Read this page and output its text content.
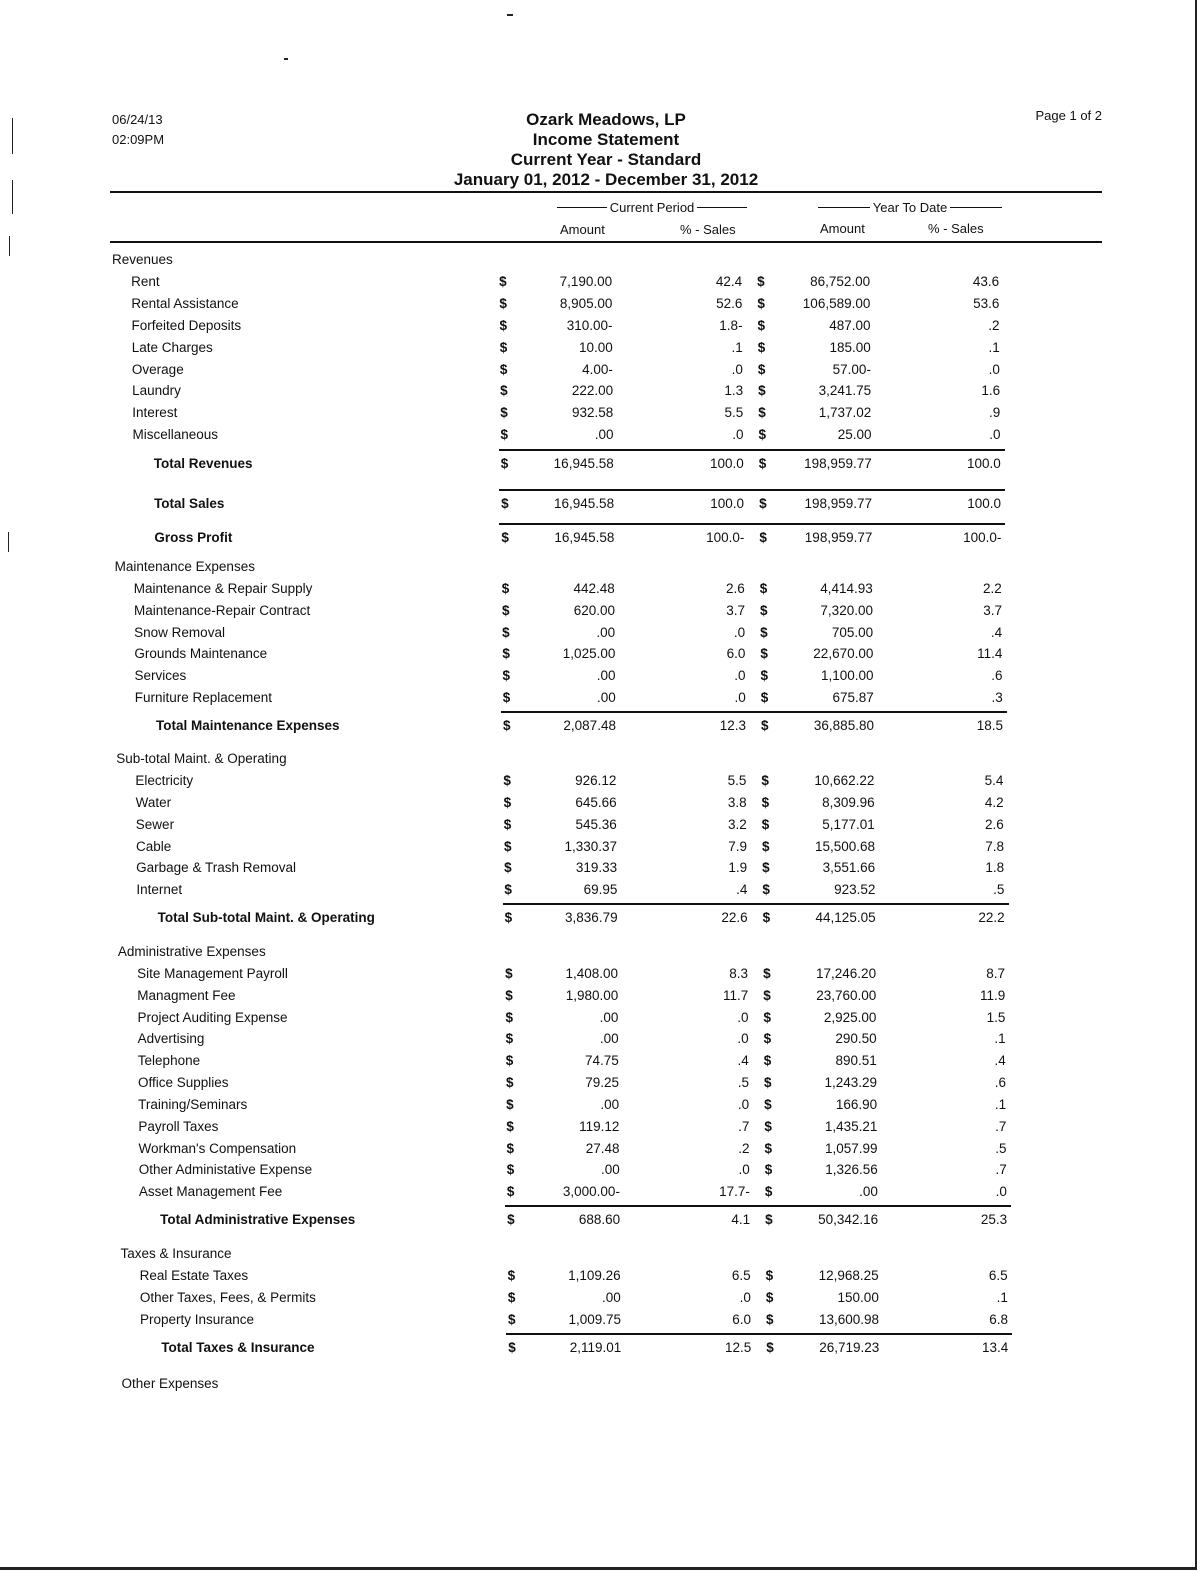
06/24/13
02:09PM
Page 1 of 2
Ozark Meadows, LP
Income Statement
Current Year - Standard
January 01, 2012 - December 31, 2012
Current Period	Year To Date
Amount	% - Sales	Amount	% - Sales
Revenues
Rent	$	7,190.00	42.4 $	86,752.00	43.6
Rental Assistance	$	8,905.00	52.6 $	106,589.00	53.6
Forfeited Deposits	$	310.00-	1.8- $	487.00	.2
Late Charges	$	10.00	.1 $	185.00	.1
Overage	$	4.00-	.0 $	57.00-	.0
Laundry	$	222.00	1.3 $	3,241.75	1.6
Interest	$	932.58	5.5 $	1,737.02	.9
Miscellaneous	$	.00	.0 $	25.00	.0
Total Revenues	$	16,945.58	100.0 $	198,959.77	100.0
Total Sales	$	16,945.58	100.0 $	198,959.77	100.0
Gross Profit	$	16,945.58	100.0- $	198,959.77	100.0-
Maintenance Expenses
Maintenance & Repair Supply	$	442.48	2.6 $	4,414.93	2.2
Maintenance-Repair Contract	$	620.00	3.7 $	7,320.00	3.7
Snow Removal	$	.00	.0 $	705.00	.4
Grounds Maintenance	$	1,025.00	6.0 $	22,670.00	11.4
Services	$	.00	.0 $	1,100.00	.6
Furniture Replacement	$	.00	.0 $	675.87	.3
Total Maintenance Expenses	$	2,087.48	12.3 $	36,885.80	18.5
Sub-total Maint. & Operating
Electricity	$	926.12	5.5 $	10,662.22	5.4
Water	$	645.66	3.8 $	8,309.96	4.2
Sewer	$	545.36	3.2 $	5,177.01	2.6
Cable	$	1,330.37	7.9 $	15,500.68	7.8
Garbage & Trash Removal	$	319.33	1.9 $	3,551.66	1.8
Internet	$	69.95	.4 $	923.52	.5
Total Sub-total Maint. & Operating	$	3,836.79	22.6 $	44,125.05	22.2
Administrative Expenses
Site Management Payroll	$	1,408.00	8.3 $	17,246.20	8.7
Managment Fee	$	1,980.00	11.7 $	23,760.00	11.9
Project Auditing Expense	$	.00	.0 $	2,925.00	1.5
Advertising	$	.00	.0 $	290.50	.1
Telephone	$	74.75	.4 $	890.51	.4
Office Supplies	$	79.25	.5 $	1,243.29	.6
Training/Seminars	$	.00	.0 $	166.90	.1
Payroll Taxes	$	119.12	.7 $	1,435.21	.7
Workman's Compensation	$	27.48	.2 $	1,057.99	.5
Other Administative Expense	$	.00	.0 $	1,326.56	.7
Asset Management Fee	$	3,000.00-	17.7- $	.00	.0
Total Administrative Expenses	$	688.60	4.1 $	50,342.16	25.3
Taxes & Insurance
Real Estate Taxes	$	1,109.26	6.5 $	12,968.25	6.5
Other Taxes, Fees, & Permits	$	.00	.0 $	150.00	.1
Property Insurance	$	1,009.75	6.0 $	13,600.98	6.8
Total Taxes & Insurance	$	2,119.01	12.5 $	26,719.23	13.4
Other Expenses
